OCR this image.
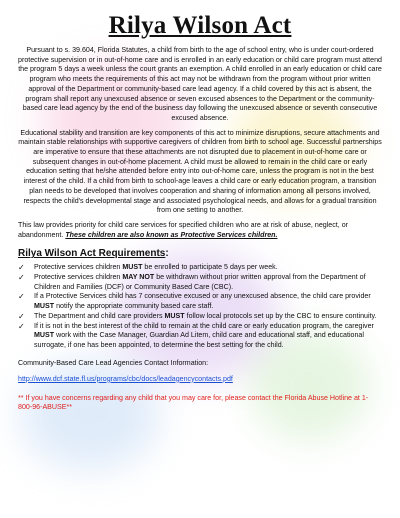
Rilya Wilson Act

Pursuant to s. 39.604, Florida Statutes, a child from birth to the age of school entry, who is under court-ordered protective supervision or in out-of-home care and is enrolled in an early education or child care program must attend the program 5 days a week unless the court grants an exemption. A child enrolled in an early education or child care program who meets the requirements of this act may not be withdrawn from the program without prior written approval of the Department or community-based care lead agency. If a child covered by this act is absent, the program shall report any unexcused absence or seven excused absences to the Department or the community-based care lead agency by the end of the business day following the unexcused absence or seventh consecutive excused absence.

Educational stability and transition are key components of this act to minimize disruptions, secure attachments and maintain stable relationships with supportive caregivers of children from birth to school age. Successful partnerships are imperative to ensure that these attachments are not disrupted due to placement in out-of-home care or subsequent changes in out-of-home placement. A child must be allowed to remain in the child care or early education setting that he/she attended before entry into out-of-home care, unless the program is not in the best interest of the child. If a child from birth to school-age leaves a child care or early education program, a transition plan needs to be developed that involves cooperation and sharing of information among all persons involved, respects the child's developmental stage and associated psychological needs, and allows for a gradual transition from one setting to another.

This law provides priority for child care services for specified children who are at risk of abuse, neglect, or abandonment. These children are also known as Protective Services children.

Rilya Wilson Act Requirements:
✓	Protective services children MUST be enrolled to participate 5 days per week.
✓	Protective services children MAY NOT be withdrawn without prior written approval from the Department of Children and Families (DCF) or Community Based Care (CBC).
✓	If a Protective Services child has 7 consecutive excused or any unexcused absence, the child care provider MUST notify the appropriate community based care staff.
✓	The Department and child care providers MUST follow local protocols set up by the CBC to ensure continuity.
✓	If it is not in the best interest of the child to remain at the child care or early education program, the caregiver MUST work with the Case Manager, Guardian Ad Litem, child care and educational staff, and educational surrogate, if one has been appointed, to determine the best setting for the child.
Community-Based Care Lead Agencies Contact Information:
http://www.dcf.state.fl.us/programs/cbc/docs/leadagencycontacts.pdf
** If you have concerns regarding any child that you may care for, please contact the Florida Abuse Hotline at 1-800-96-ABUSE**
